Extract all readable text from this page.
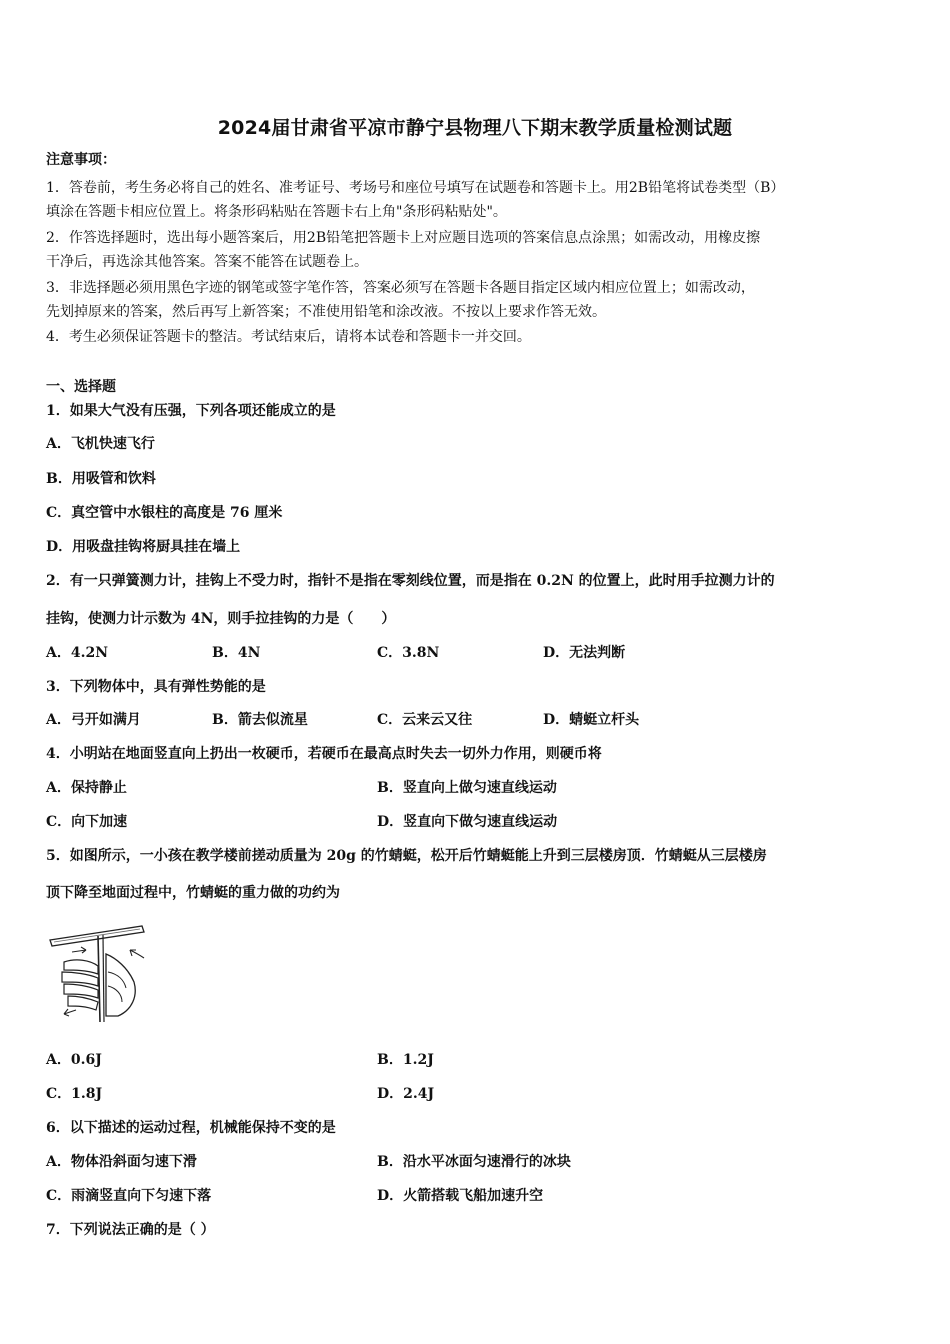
2024届甘肃省平凉市静宁县物理八下期末教学质量检测试题
注意事项：
1．答卷前，考生务必将自己的姓名、准考证号、考场号和座位号填写在试题卷和答题卡上。用2B铅笔将试卷类型（B）
填涂在答题卡相应位置上。将条形码粘贴在答题卡右上角"条形码粘贴处"。
2．作答选择题时，选出每小题答案后，用2B铅笔把答题卡上对应题目选项的答案信息点涂黑；如需改动，用橡皮擦
干净后，再选涂其他答案。答案不能答在试题卷上。
3．非选择题必须用黑色字迹的钢笔或签字笔作答，答案必须写在答题卡各题目指定区域内相应位置上；如需改动，
先划掉原来的答案，然后再写上新答案；不准使用铅笔和涂改液。不按以上要求作答无效。
4．考生必须保证答题卡的整洁。考试结束后，请将本试卷和答题卡一并交回。
一、选择题
1．如果大气没有压强，下列各项还能成立的是
A．飞机快速飞行
B．用吸管和饮料
C．真空管中水银柱的高度是 76 厘米
D．用吸盘挂钩将厨具挂在墙上
2．有一只弹簧测力计，挂钩上不受力时，指针不是指在零刻线位置，而是指在 0.2N 的位置上，此时用手拉测力计的
挂钩，使测力计示数为 4N，则手拉挂钩的力是（　　）
A．4.2N	B．4N	C．3.8N	D．无法判断
3．下列物体中，具有弹性势能的是
A．弓开如满月	B．箭去似流星	C．云来云又往	D．蜻蜓立杆头
4．小明站在地面竖直向上扔出一枚硬币，若硬币在最高点时失去一切外力作用，则硬币将
A．保持静止	B．竖直向上做匀速直线运动
C．向下加速	D．竖直向下做匀速直线运动
5．如图所示，一小孩在教学楼前搓动质量为 20g 的竹蜻蜓，松开后竹蜻蜓能上升到三层楼房顶．竹蜻蜓从三层楼房
顶下降至地面过程中，竹蜻蜓的重力做的功约为
A．0.6J	B．1.2J
C．1.8J	D．2.4J
6．以下描述的运动过程，机械能保持不变的是
A．物体沿斜面匀速下滑	B．沿水平冰面匀速滑行的冰块
C．雨滴竖直向下匀速下落	D．火箭搭载飞船加速升空
7．下列说法正确的是（ ）
